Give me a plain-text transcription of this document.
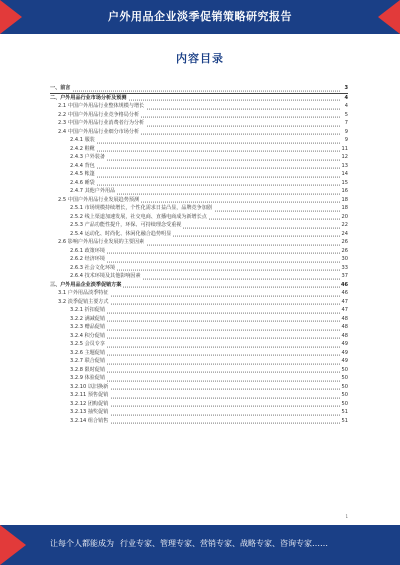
户外用品企业淡季促销策略研究报告
内容目录
一、前言	3
二、户外用品行业市场分析及预测	4
2.1 中国户外用品行业整体规模与增长	4
2.2 中国户外用品行业竞争格局分析	5
2.3 中国户外用品行业消费者行为分析	7
2.4 中国户外用品行业细分市场分析	9
2.4.1 服装	9
2.4.2 鞋靴	11
2.4.3 户外装备	12
2.4.4 背包	13
2.4.5 帐篷	14
2.4.6 睡袋	15
2.4.7 其他户外用品	16
2.5 中国户外用品行业发展趋势预测	18
2.5.1 市场规模持续增长，个性化需求日益凸显，品牌竞争加剧	18
2.5.2 线上渠道加速发展，社交电商、直播电商成为新增长点	20
2.5.3 产品功能性提升，环保、可持续理念受重视	22
2.5.4 运动化、时尚化、休闲化融合趋势明显	24
2.6 影响户外用品行业发展的主要因素	26
2.6.1 政策环境	26
2.6.2 经济环境	30
2.6.3 社会文化环境	33
2.6.4 技术环境及其他影响因素	37
三、户外用品企业淡季促销方案	46
3.1 户外用品淡季特征	46
3.2 淡季促销主要方式	47
3.2.1 折扣促销	47
3.2.2 满减促销	48
3.2.3 赠品促销	48
3.2.4 积分促销	48
3.2.5 会员专享	49
3.2.6 主题促销	49
3.2.7 联合促销	49
3.2.8 限时促销	50
3.2.9 体验促销	50
3.2.10 以旧换新	50
3.2.11 预售促销	50
3.2.12 团购促销	50
3.2.13 抽奖促销	51
3.2.14 组合销售	51
1
让每个人都能成为 行业专家、管理专家、营销专家、战略专家、咨询专家……
